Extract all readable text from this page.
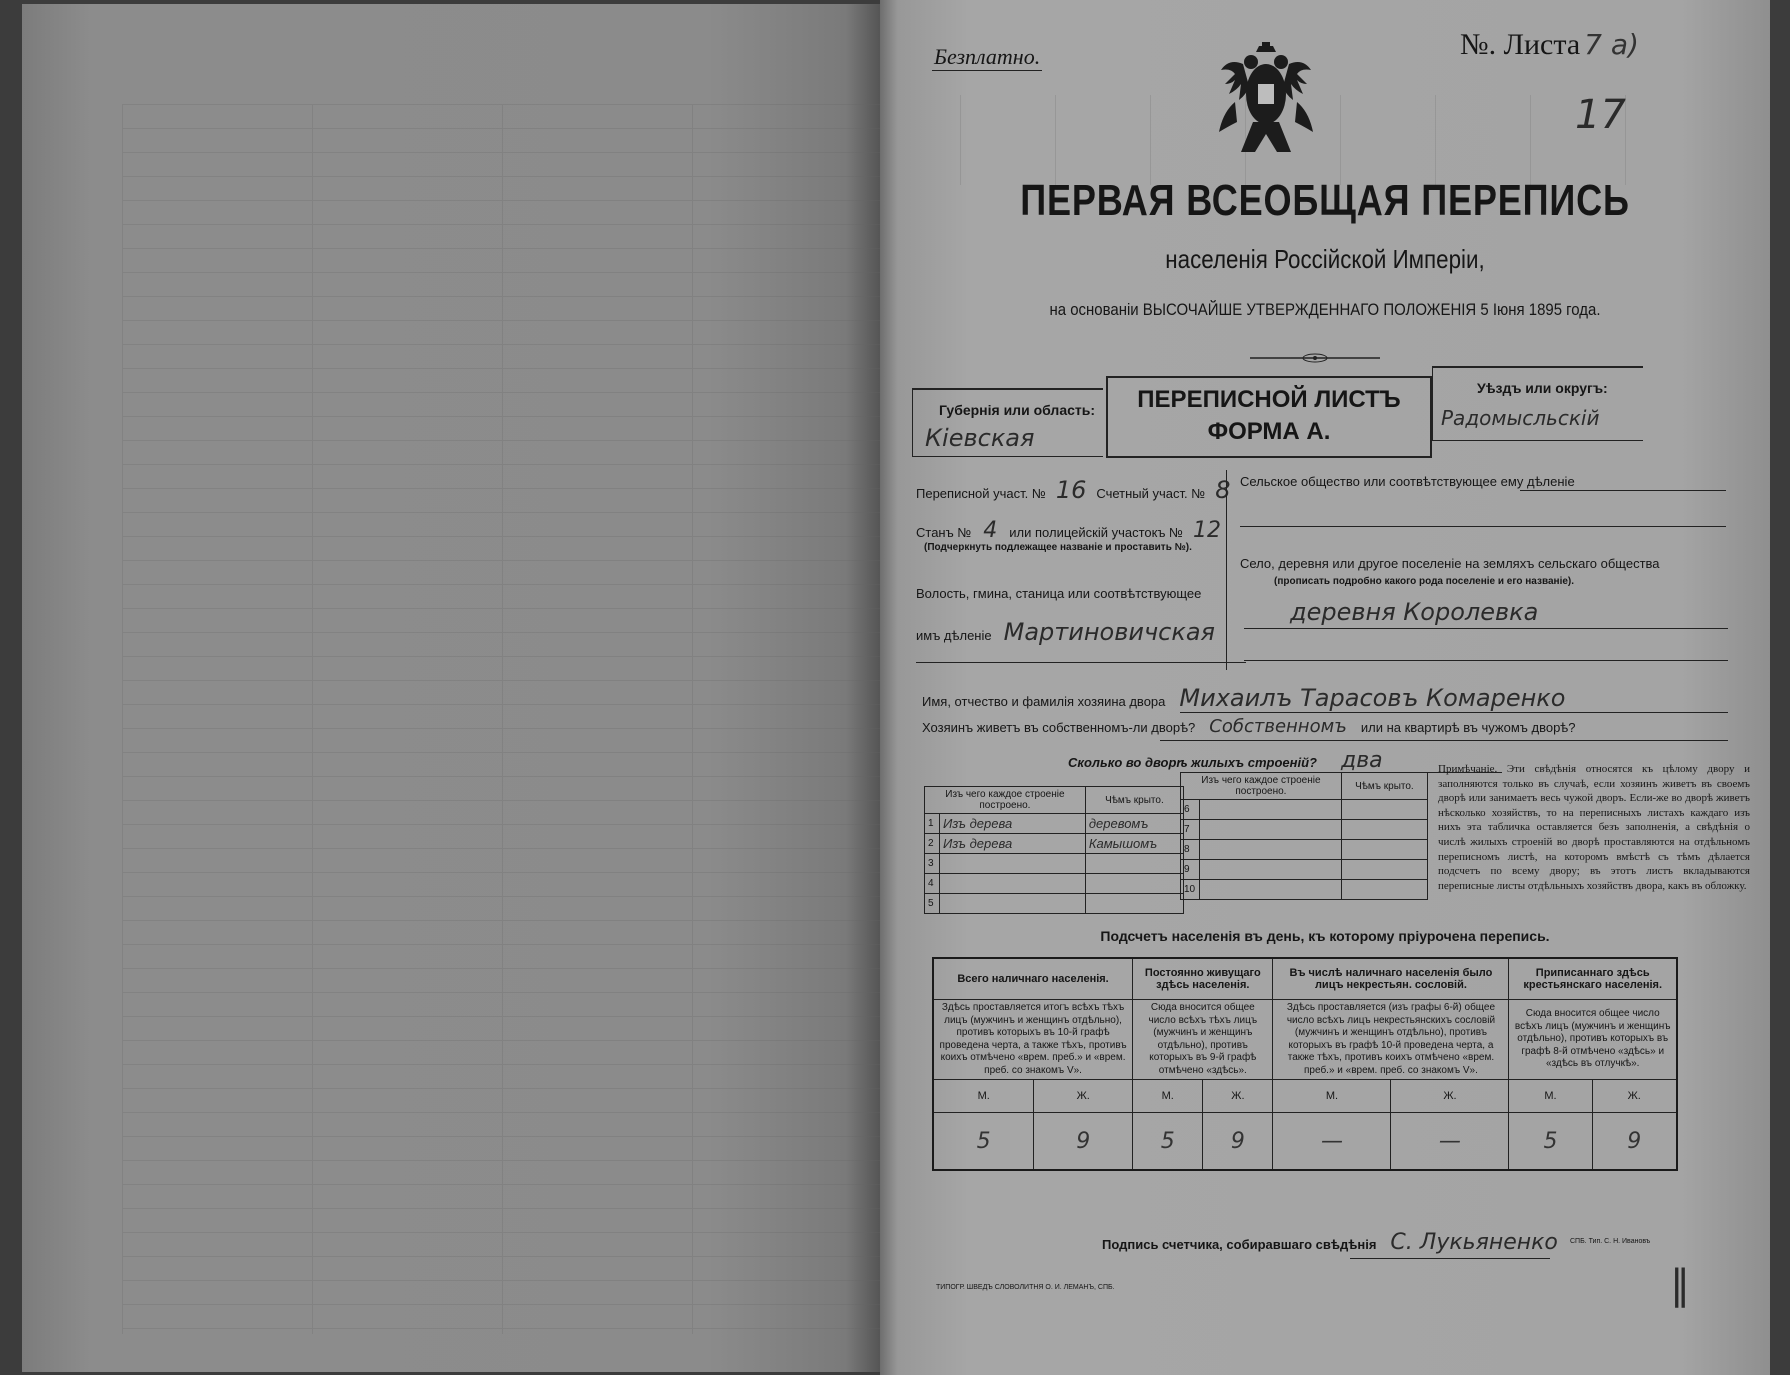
Безплатно.	№. Листа 7 а)
17
ПЕРВАЯ ВСЕОБЩАЯ ПЕРЕПИСЬ
населенія Россійской Имперіи,
на основаніи ВЫСОЧАЙШЕ УТВЕРЖДЕННАГО ПОЛОЖЕНІЯ 5 Іюня 1895 года.
Губернія или область:
Кіевская
ПЕРЕПИСНОЙ ЛИСТЪ
ФОРМА А.
Уѣздъ или округъ:
Радомысльскій
Переписной участ. № 16 Счетный участ. № 8
Станъ № 4 или полицейскій участокъ № 12
(Подчеркнуть подлежащее названіе и проставить №).
Волость, гмина, станица или соотвѣтствующее
имъ дѣленіе Мартиновичская
Сельское общество или соотвѣтствующее ему дѣленіе
Село, деревня или другое поселеніе на земляхъ сельскаго общества
(прописать подробно какого рода поселеніе и его названіе).
деревня Королевка
Имя, отчество и фамилія хозяина двора Михаилъ Тарасовъ Комаренко
Хозяинъ живетъ въ собственномъ-ли дворѣ? Собственномъ или на квартирѣ въ чужомъ дворѣ?
Сколько во дворѣ жилыхъ строеній? два
Изъ чего каждое строеніе построено.		Чѣмъ крыто.
1	Изъ дерева	деревомъ
2	Изъ дерева	Камышомъ
3		
4		
5		
Изъ чего каждое строеніе построено.		Чѣмъ крыто.
6		
7		
8		
9		
10		
Примѣчаніе. Эти свѣдѣнія относятся къ цѣлому двору и заполняются только въ случаѣ, если хозяинъ живетъ въ своемъ дворѣ или занимаетъ весь чужой дворъ. Если-же во дворѣ живетъ нѣсколько хозяйствъ, то на переписныхъ листахъ каждаго изъ нихъ эта табличка оставляется безъ заполненія, а свѣдѣнія о числѣ жилыхъ строеній во дворѣ проставляются на отдѣльномъ переписномъ листѣ, на которомъ вмѣстѣ съ тѣмъ дѣлается подсчетъ по всему двору; въ этотъ листъ вкладываются переписные листы отдѣльныхъ хозяйствъ двора, какъ въ обложку.
Подсчетъ населенія въ день, къ которому пріурочена перепись.
Всего наличнаго населенія.		Постоянно живущаго здѣсь населенія.		Въ числѣ наличнаго населенія было лицъ некрестьян. сословій.		Приписаннаго здѣсь крестьянскаго населенія.	
Здѣсь проставляется итогъ всѣхъ тѣхъ лицъ (мужчинъ и женщинъ отдѣльно), противъ которыхъ въ 10-й графѣ проведена черта, а также тѣхъ, противъ коихъ отмѣчено «врем. преб.» и «врем. преб. со знакомъ V».		Сюда вносится общее число всѣхъ тѣхъ лицъ (мужчинъ и женщинъ отдѣльно), противъ которыхъ въ 9-й графѣ отмѣчено «здѣсь».		Здѣсь проставляется (изъ графы 6-й) общее число всѣхъ лицъ некрестьянскихъ сословій (мужчинъ и женщинъ отдѣльно), противъ которыхъ въ графѣ 10-й проведена черта, а также тѣхъ, противъ коихъ отмѣчено «врем. преб.» и «врем. преб. со знакомъ V».		Сюда вносится общее число всѣхъ лицъ (мужчинъ и женщинъ отдѣльно), противъ которыхъ въ графѣ 8-й отмѣчено «здѣсь» и «здѣсь въ отлучкѣ».	
М.	Ж.	М.	Ж.	М.	Ж.	М.	Ж.
5	9	5	9	—	—	5	9
Подпись счетчика, собиравшаго свѣдѣнія С. Лукьяненко
ТИПОГР. ШВЕДЪ СЛОВОЛИТНЯ О. И. ЛЕМАНЪ, СПБ.
СПБ. Тип. С. Н. Ивановъ
‖
